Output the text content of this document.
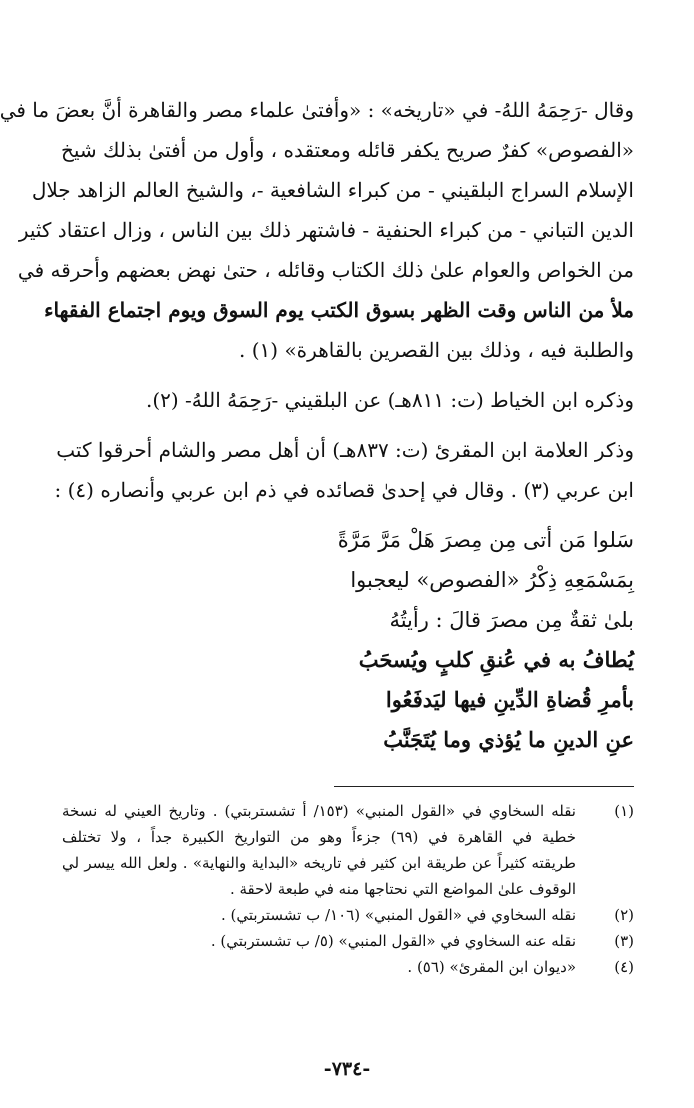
وقال -رَحِمَهُ اللهُ- في «تاريخه» : «وأفتىٰ علماء مصر والقاهرة أنَّ بعضَ ما في
«الفصوص» كفرٌ صريح يكفر قائله ومعتقده ، وأول من أفتىٰ بذلك شيخ
الإسلام السراج البلقيني - من كبراء الشافعية -، والشيخ العالم الزاهد جلال
الدين التباني - من كبراء الحنفية - فاشتهر ذلك بين الناس ، وزال اعتقاد كثير
من الخواص والعوام علىٰ ذلك الكتاب وقائله ، حتىٰ نهض بعضهم وأحرقه في
ملأ من الناس وقت الظهر بسوق الكتب يوم السوق ويوم اجتماع الفقهاء
والطلبة فيه ، وذلك بين القصرين بالقاهرة» (١) .
وذكره ابن الخياط (ت: ٨١١هـ) عن البلقيني -رَحِمَهُ اللهُ- (٢).
وذكر العلامة ابن المقرئ (ت: ٨٣٧هـ) أن أهل مصر والشام أحرقوا كتب
ابن عربي (٣) . وقال في إحدىٰ قصائده في ذم ابن عربي وأنصاره (٤) :
سَلوا مَن أتى مِن مِصرَ هَلْ مَرَّ مَرَّةً
بِمَسْمَعِهِ ذِكْرُ «الفصوص» ليعجبوا
بلىٰ ثقةٌ مِن مصرَ قالَ : رأيتُهُ
يُطافُ به في عُنقِ كلبٍ ويُسحَبُ
بأمرِ قُضاةِ الدِّينِ فيها ليَدفَعُوا
عنِ الدينِ ما يُؤذي وما يُتَجَنَّبُ
(١)
نقله السخاوي في «القول المنبي» (١٥٣/ أ تشستربتي) . وتاريخ العيني له نسخة
خطية في القاهرة في (٦٩) جزءاً وهو من التواريخ الكبيرة جداً ، ولا تختلف
طريقته كثيراً عن طريقة ابن كثير في تاريخه «البداية والنهاية» . ولعل الله ييسر لي
الوقوف علىٰ المواضع التي نحتاجها منه في طبعة لاحقة .
(٢)
نقله السخاوي في «القول المنبي» (١٠٦/ ب تشستربتي) .
(٣)
نقله عنه السخاوي في «القول المنبي» (٥/ ب تشستربتي) .
(٤)
«ديوان ابن المقرئ» (٥٦) .
-٧٣٤-
